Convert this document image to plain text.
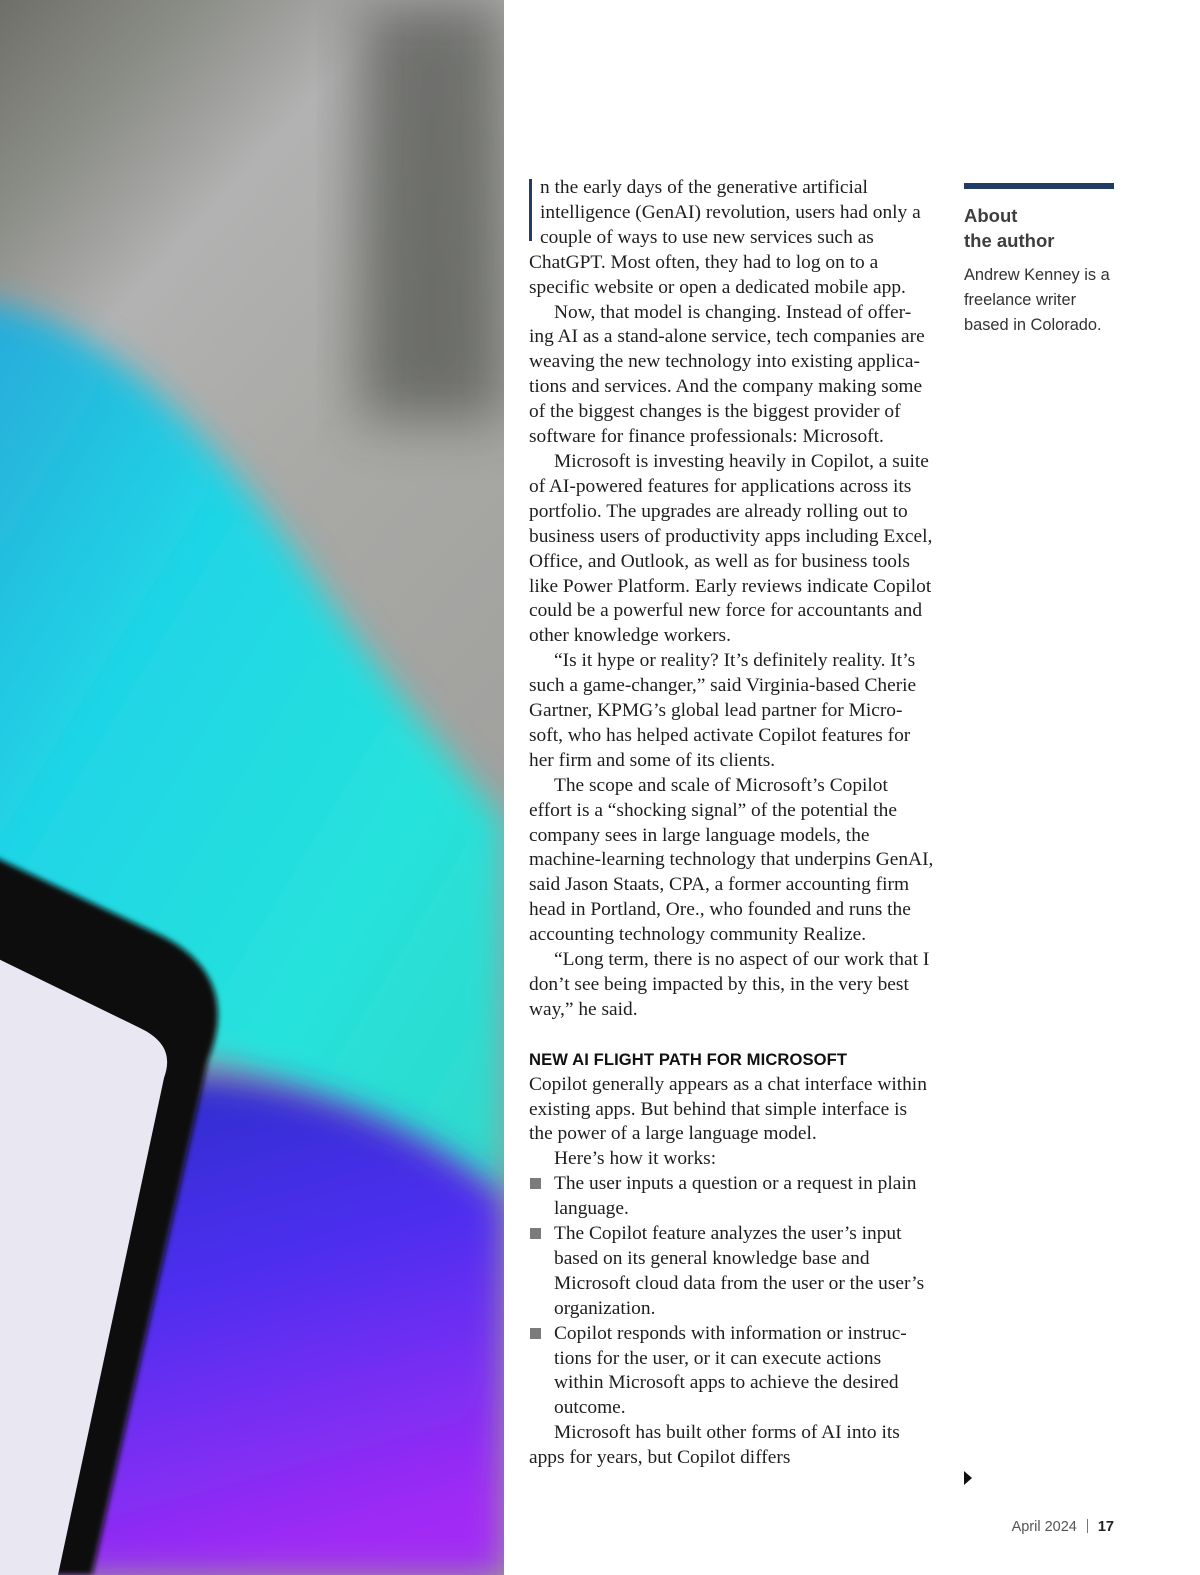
n the early days of the generative artificial intelligence (GenAI) revolution, users had only a couple of ways to use new services such as ChatGPT. Most often, they had to log on to a specific website or open a dedicated mobile app.

Now, that model is changing. Instead of offer-ing AI as a stand-alone service, tech companies are weaving the new technology into existing applica-tions and services. And the company making some of the biggest changes is the biggest provider of software for finance professionals: Microsoft.

Microsoft is investing heavily in Copilot, a suite of AI-powered features for applications across its portfolio. The upgrades are already rolling out to business users of productivity apps including Excel, Office, and Outlook, as well as for business tools like Power Platform. Early reviews indicate Copilot could be a powerful new force for accountants and other knowledge workers.

“Is it hype or reality? It’s definitely reality. It’s such a game-changer,” said Virginia-based Cherie Gartner, KPMG’s global lead partner for Micro-soft, who has helped activate Copilot features for her firm and some of its clients.

The scope and scale of Microsoft’s Copilot effort is a “shocking signal” of the potential the company sees in large language models, the machine-learning technology that underpins GenAI, said Jason Staats, CPA, a former accounting firm head in Portland, Ore., who founded and runs the accounting technology community Realize.

“Long term, there is no aspect of our work that I don’t see being impacted by this, in the very best way,” he said.

NEW AI FLIGHT PATH FOR MICROSOFT

Copilot generally appears as a chat interface within existing apps. But behind that simple interface is the power of a large language model.

Here’s how it works:

The user inputs a question or a request in plain language.
The Copilot feature analyzes the user’s input based on its general knowledge base and Microsoft cloud data from the user or the user’s organization.
Copilot responds with information or instruc-tions for the user, or it can execute actions within Microsoft apps to achieve the desired outcome.

Microsoft has built other forms of AI into its apps for years, but Copilot differs

About
the author
Andrew Kenney is a freelance writer based in Colorado.
April 2024 17
